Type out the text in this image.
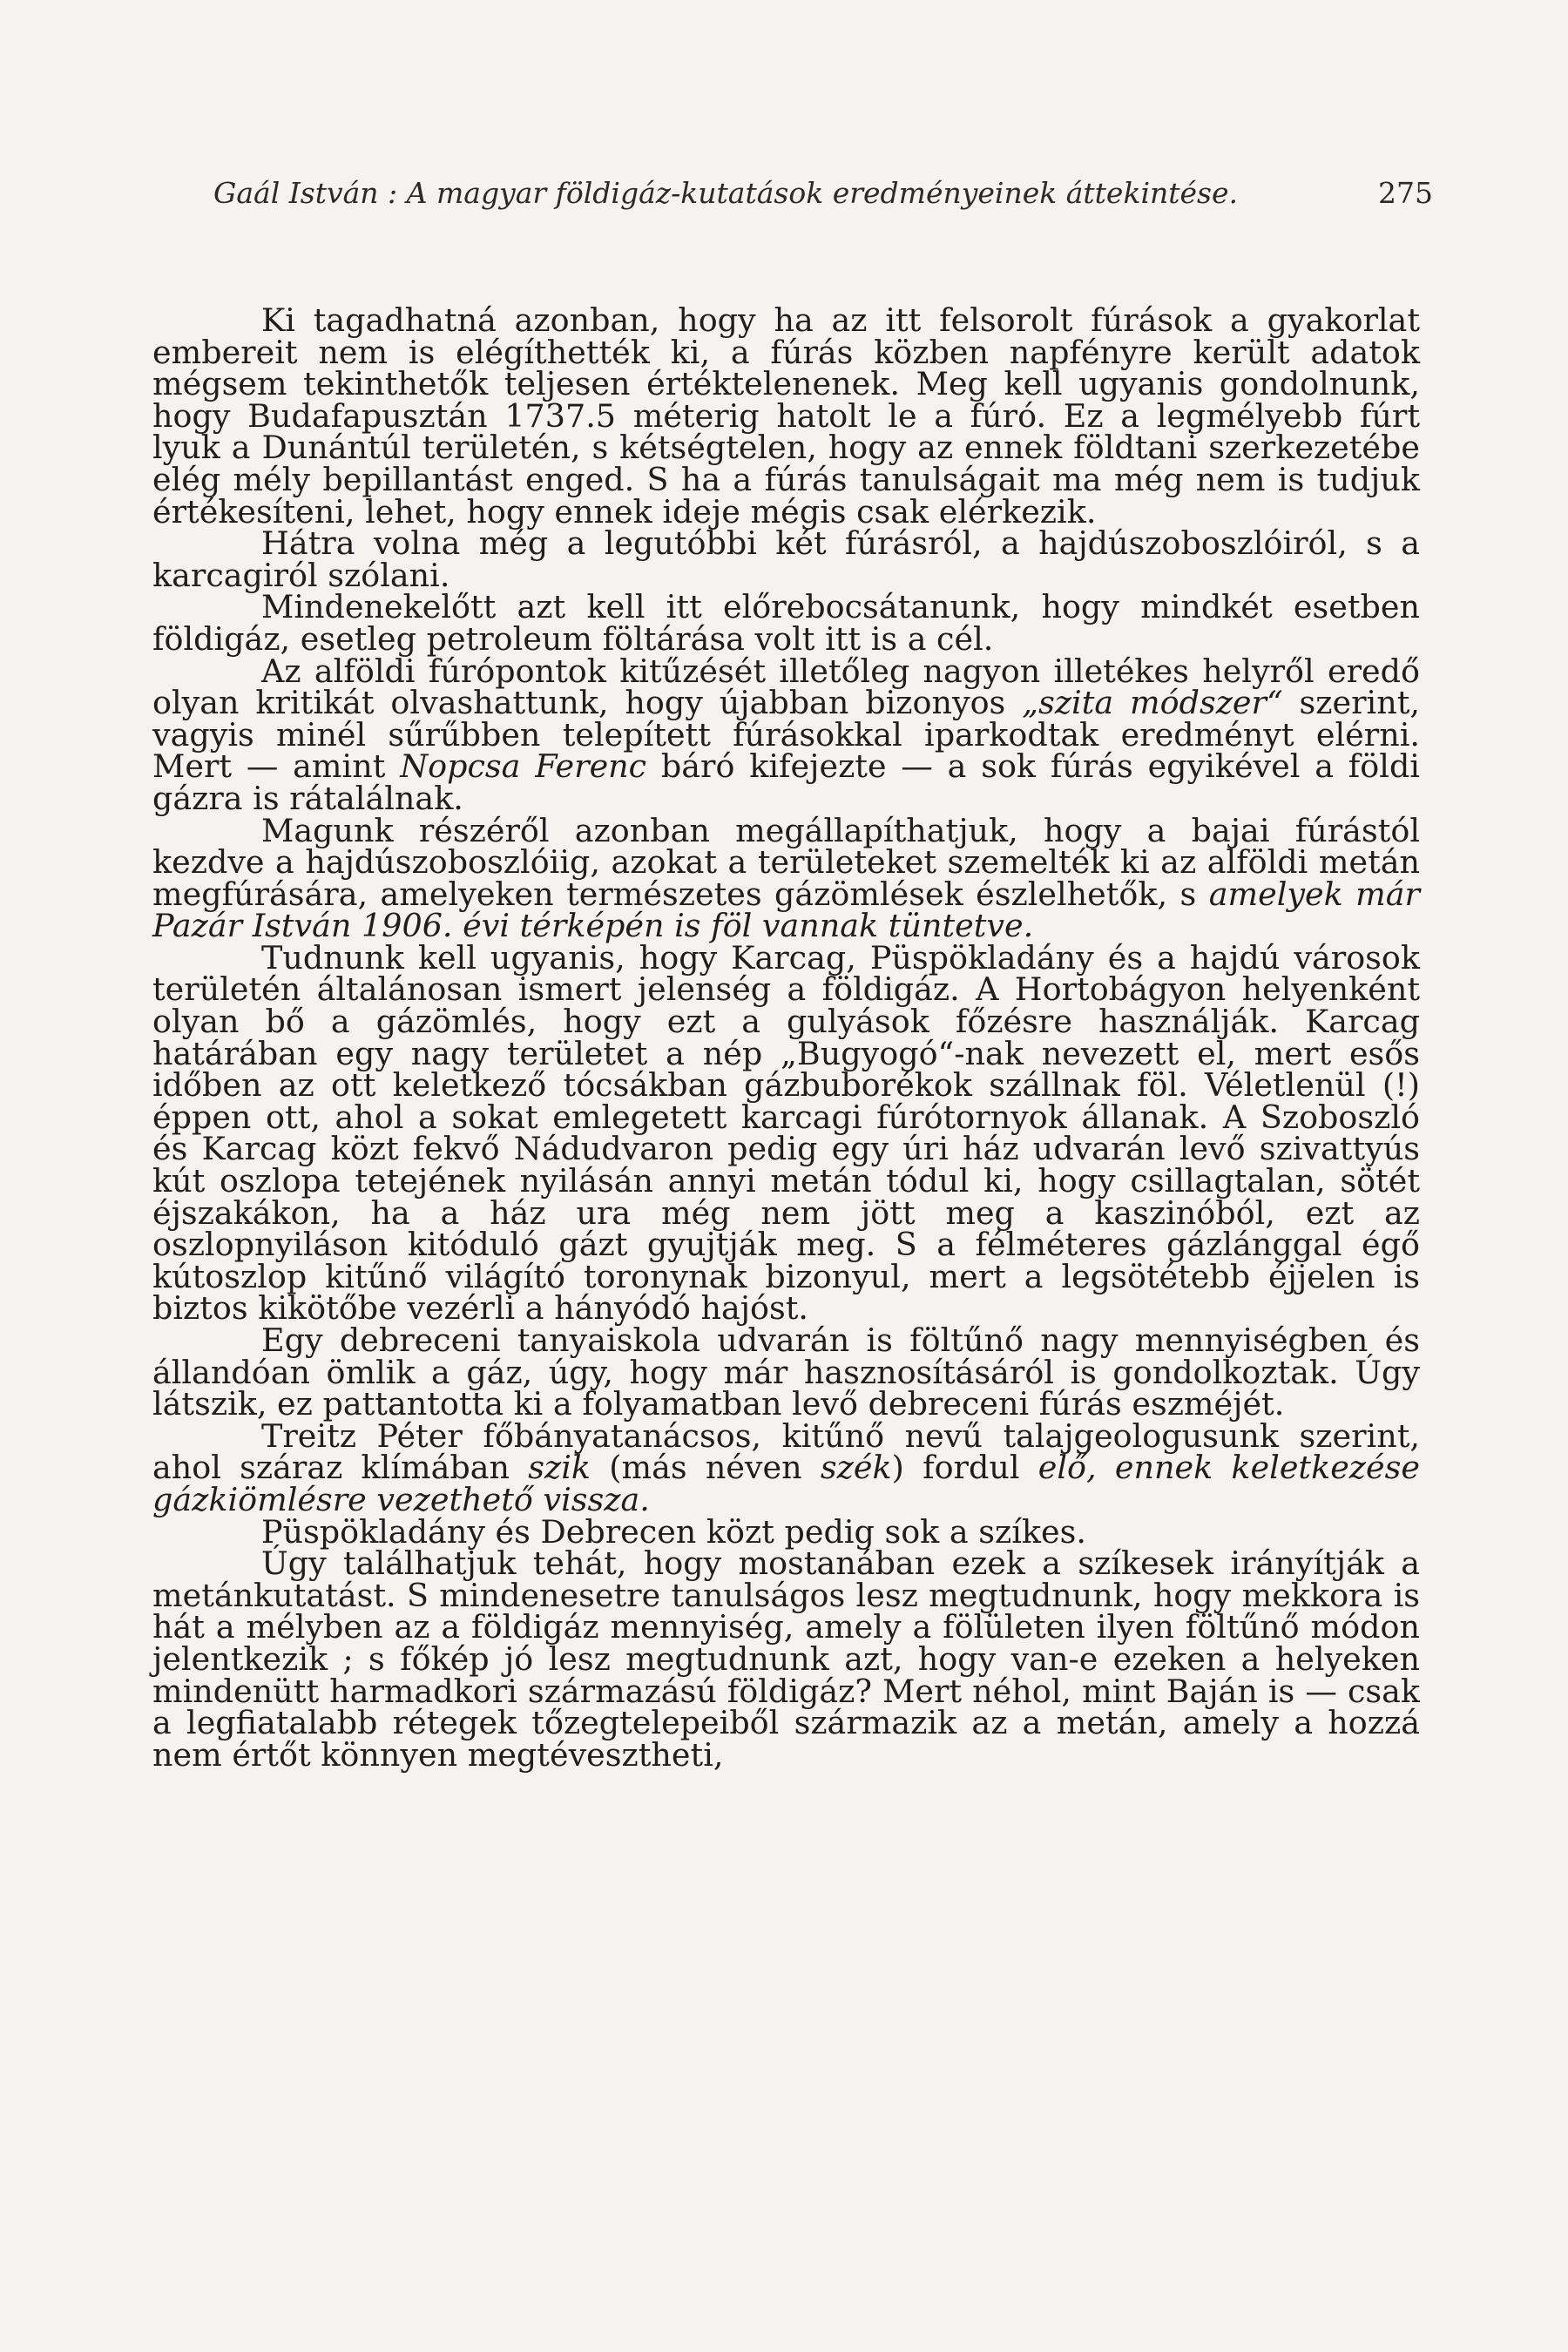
Gaál István : A magyar földigáz-kutatások eredményeinek áttekintése.	275

Ki tagadhatná azonban, hogy ha az itt felsorolt fúrások a gyakorlat embereit nem is elégíthették ki, a fúrás közben napfényre került adatok mégsem tekinthetők teljesen értéktelenenek. Meg kell ugyanis gondolnunk, hogy Budafapusztán 1737.5 méterig hatolt le a fúró. Ez a legmélyebb fúrt lyuk a Dunántúl területén, s kétségtelen, hogy az ennek földtani szerkezetébe elég mély bepillantást enged. S ha a fúrás tanulságait ma még nem is tudjuk értékesíteni, lehet, hogy ennek ideje mégis csak elérkezik.

Hátra volna még a legutóbbi két fúrásról, a hajdúszoboszlóiról, s a karcagiról szólani.

Mindenekelőtt azt kell itt előrebocsátanunk, hogy mindkét esetben földigáz, esetleg petroleum föltárása volt itt is a cél.

Az alföldi fúrópontok kitűzését illetőleg nagyon illetékes helyről eredő olyan kritikát olvashattunk, hogy újabban bizonyos „szita módszer“ szerint, vagyis minél sűrűbben telepített fúrásokkal iparkodtak eredményt elérni. Mert — amint Nopcsa Ferenc báró kifejezte — a sok fúrás egyikével a földi gázra is rátalálnak.

Magunk részéről azonban megállapíthatjuk, hogy a bajai fúrástól kezdve a hajdúszoboszlóiig, azokat a területeket szemelték ki az alföldi metán megfúrására, amelyeken természetes gázömlések észlelhetők, s amelyek már Pazár István 1906. évi térképén is föl vannak tüntetve.

Tudnunk kell ugyanis, hogy Karcag, Püspökladány és a hajdú városok területén általánosan ismert jelenség a földigáz. A Hortobágyon helyenként olyan bő a gázömlés, hogy ezt a gulyások főzésre használják. Karcag határában egy nagy területet a nép „Bugyogó“-nak nevezett el, mert esős időben az ott keletkező tócsákban gázbuborékok szállnak föl. Véletlenül (!) éppen ott, ahol a sokat emlegetett karcagi fúrótornyok állanak. A Szoboszló és Karcag közt fekvő Nádudvaron pedig egy úri ház udvarán levő szivattyús kút oszlopa tetejének nyilásán annyi metán tódul ki, hogy csillagtalan, sötét éjszakákon, ha a ház ura még nem jött meg a kaszinóból, ezt az oszlopnyiláson kitóduló gázt gyujtják meg. S a félméteres gázlánggal égő kútoszlop kitűnő világító toronynak bizonyul, mert a legsötétebb éjjelen is biztos kikötőbe vezérli a hányódó hajóst.

Egy debreceni tanyaiskola udvarán is föltűnő nagy mennyiségben és állandóan ömlik a gáz, úgy, hogy már hasznosításáról is gondolkoztak. Úgy látszik, ez pattantotta ki a folyamatban levő debreceni fúrás eszméjét.

Treitz Péter főbányatanácsos, kitűnő nevű talajgeologusunk szerint, ahol száraz klímában szik (más néven szék) fordul elő, ennek keletkezése gázkiömlésre vezethető vissza.

Püspökladány és Debrecen közt pedig sok a szíkes.

Úgy találhatjuk tehát, hogy mostanában ezek a szíkesek irányítják a metánkutatást. S mindenesetre tanulságos lesz megtudnunk, hogy mekkora is hát a mélyben az a földigáz mennyiség, amely a fölületen ilyen föltűnő módon jelentkezik ; s főkép jó lesz megtudnunk azt, hogy van-e ezeken a helyeken mindenütt harmadkori származású földigáz? Mert néhol, mint Baján is — csak a legfiatalabb rétegek tőzegtelepeiből származik az a metán, amely a hozzá nem értőt könnyen megtévesztheti,
